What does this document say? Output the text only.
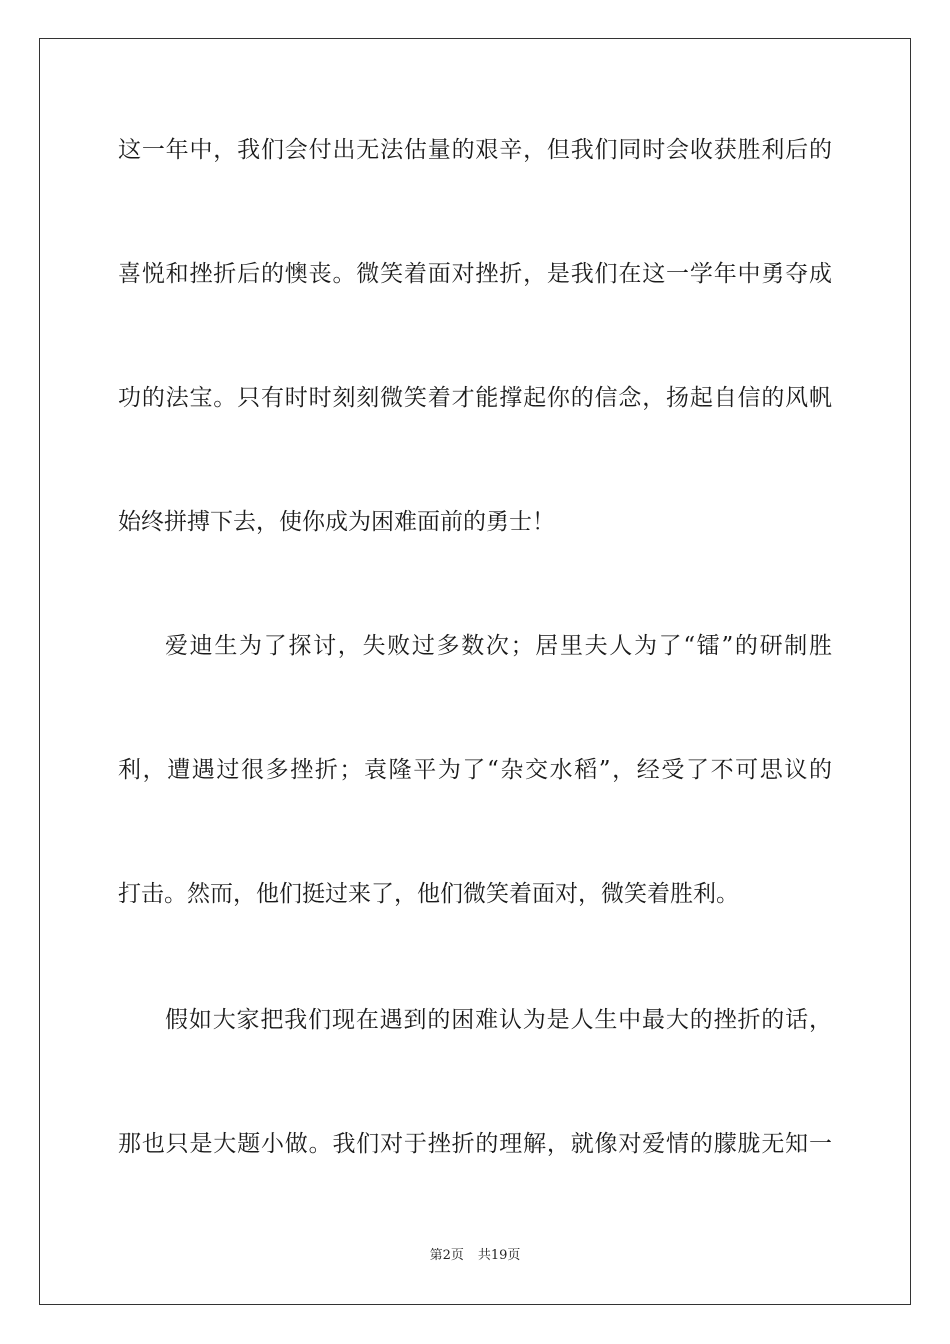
这一年中，我们会付出无法估量的艰辛，但我们同时会收获胜利后的
喜悦和挫折后的懊丧。微笑着面对挫折，是我们在这一学年中勇夺成
功的法宝。只有时时刻刻微笑着才能撑起你的信念，扬起自信的风帆
始终拼搏下去，使你成为困难面前的勇士！
爱迪生为了探讨，失败过多数次；居里夫人为了“镭”的研制胜
利，遭遇过很多挫折；袁隆平为了“杂交水稻”，经受了不可思议的
打击。然而，他们挺过来了，他们微笑着面对，微笑着胜利。
假如大家把我们现在遇到的困难认为是人生中最大的挫折的话，
那也只是大题小做。我们对于挫折的理解，就像对爱情的朦胧无知一
第2页 共19页
